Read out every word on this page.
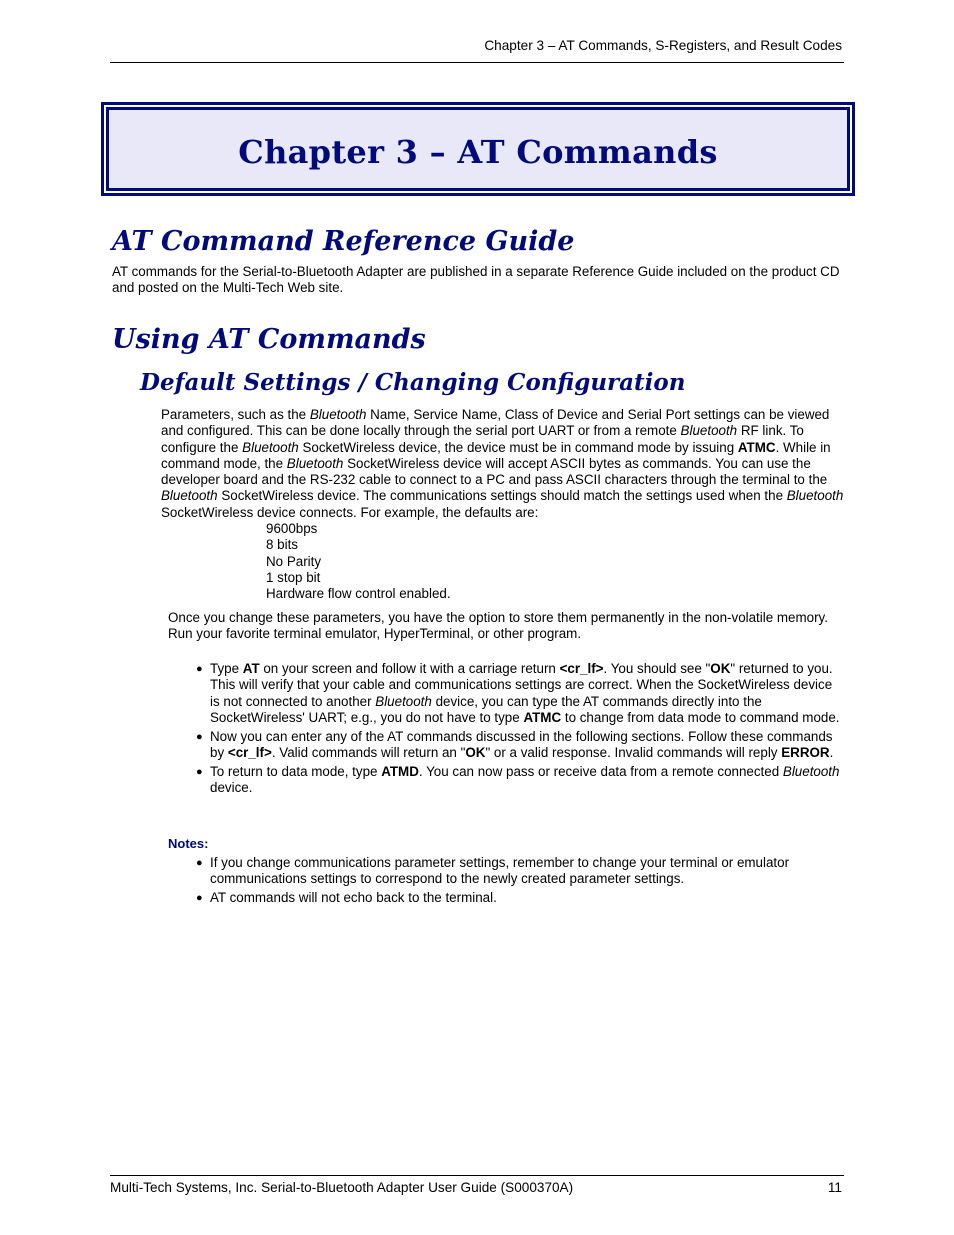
Chapter 3 – AT Commands, S-Registers, and Result Codes
Chapter 3 – AT Commands
AT Command Reference Guide

AT commands for the Serial-to-Bluetooth Adapter are published in a separate Reference Guide included on the product CD and posted on the Multi-Tech Web site.

Using AT Commands
Default Settings / Changing Configuration

Parameters, such as the Bluetooth Name, Service Name, Class of Device and Serial Port settings can be viewed and configured. This can be done locally through the serial port UART or from a remote Bluetooth RF link. To configure the Bluetooth SocketWireless device, the device must be in command mode by issuing ATMC. While in command mode, the Bluetooth SocketWireless device will accept ASCII bytes as commands. You can use the developer board and the RS-232 cable to connect to a PC and pass ASCII characters through the terminal to the Bluetooth SocketWireless device. The communications settings should match the settings used when the Bluetooth SocketWireless device connects. For example, the defaults are:

9600bps
8 bits
No Parity
1 stop bit
Hardware flow control enabled.

Once you change these parameters, you have the option to store them permanently in the non-volatile memory.

Run your favorite terminal emulator, HyperTerminal, or other program.

● Type AT on your screen and follow it with a carriage return <cr_lf>. You should see "OK" returned to you. This will verify that your cable and communications settings are correct. When the SocketWireless device is not connected to another Bluetooth device, you can type the AT commands directly into the SocketWireless' UART; e.g., you do not have to type ATMC to change from data mode to command mode.
● Now you can enter any of the AT commands discussed in the following sections. Follow these commands by <cr_lf>. Valid commands will return an "OK" or a valid response. Invalid commands will reply ERROR.
● To return to data mode, type ATMD. You can now pass or receive data from a remote connected Bluetooth device.
Notes:
● If you change communications parameter settings, remember to change your terminal or emulator communications settings to correspond to the newly created parameter settings.
● AT commands will not echo back to the terminal.
Multi-Tech Systems, Inc. Serial-to-Bluetooth Adapter User Guide (S000370A)	11
